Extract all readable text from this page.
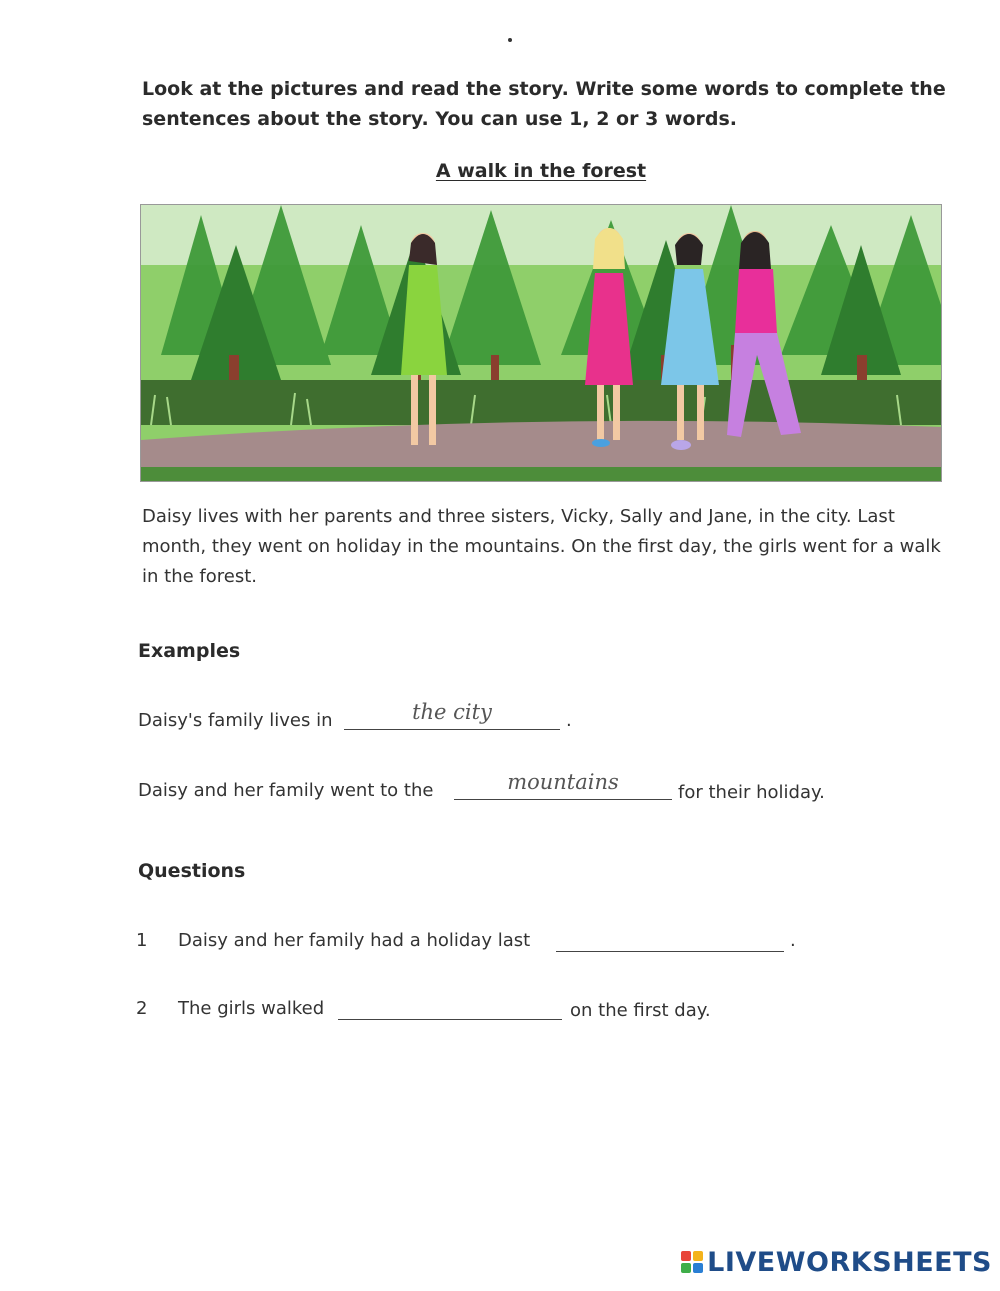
Look at the pictures and read the story. Write some words to complete the sentences about the story. You can use 1, 2 or 3 words.

A walk in the forest

Daisy lives with her parents and three sisters, Vicky, Sally and Jane, in the city. Last month, they went on holiday in the mountains. On the first day, the girls went for a walk in the forest.

Examples
Daisy's family lives in	the city	.
Daisy and her family went to the	mountains	for their holiday.
Questions
1 Daisy and her family had a holiday last	.
2 The girls walked	on the first day.
LIVEWORKSHEETS
